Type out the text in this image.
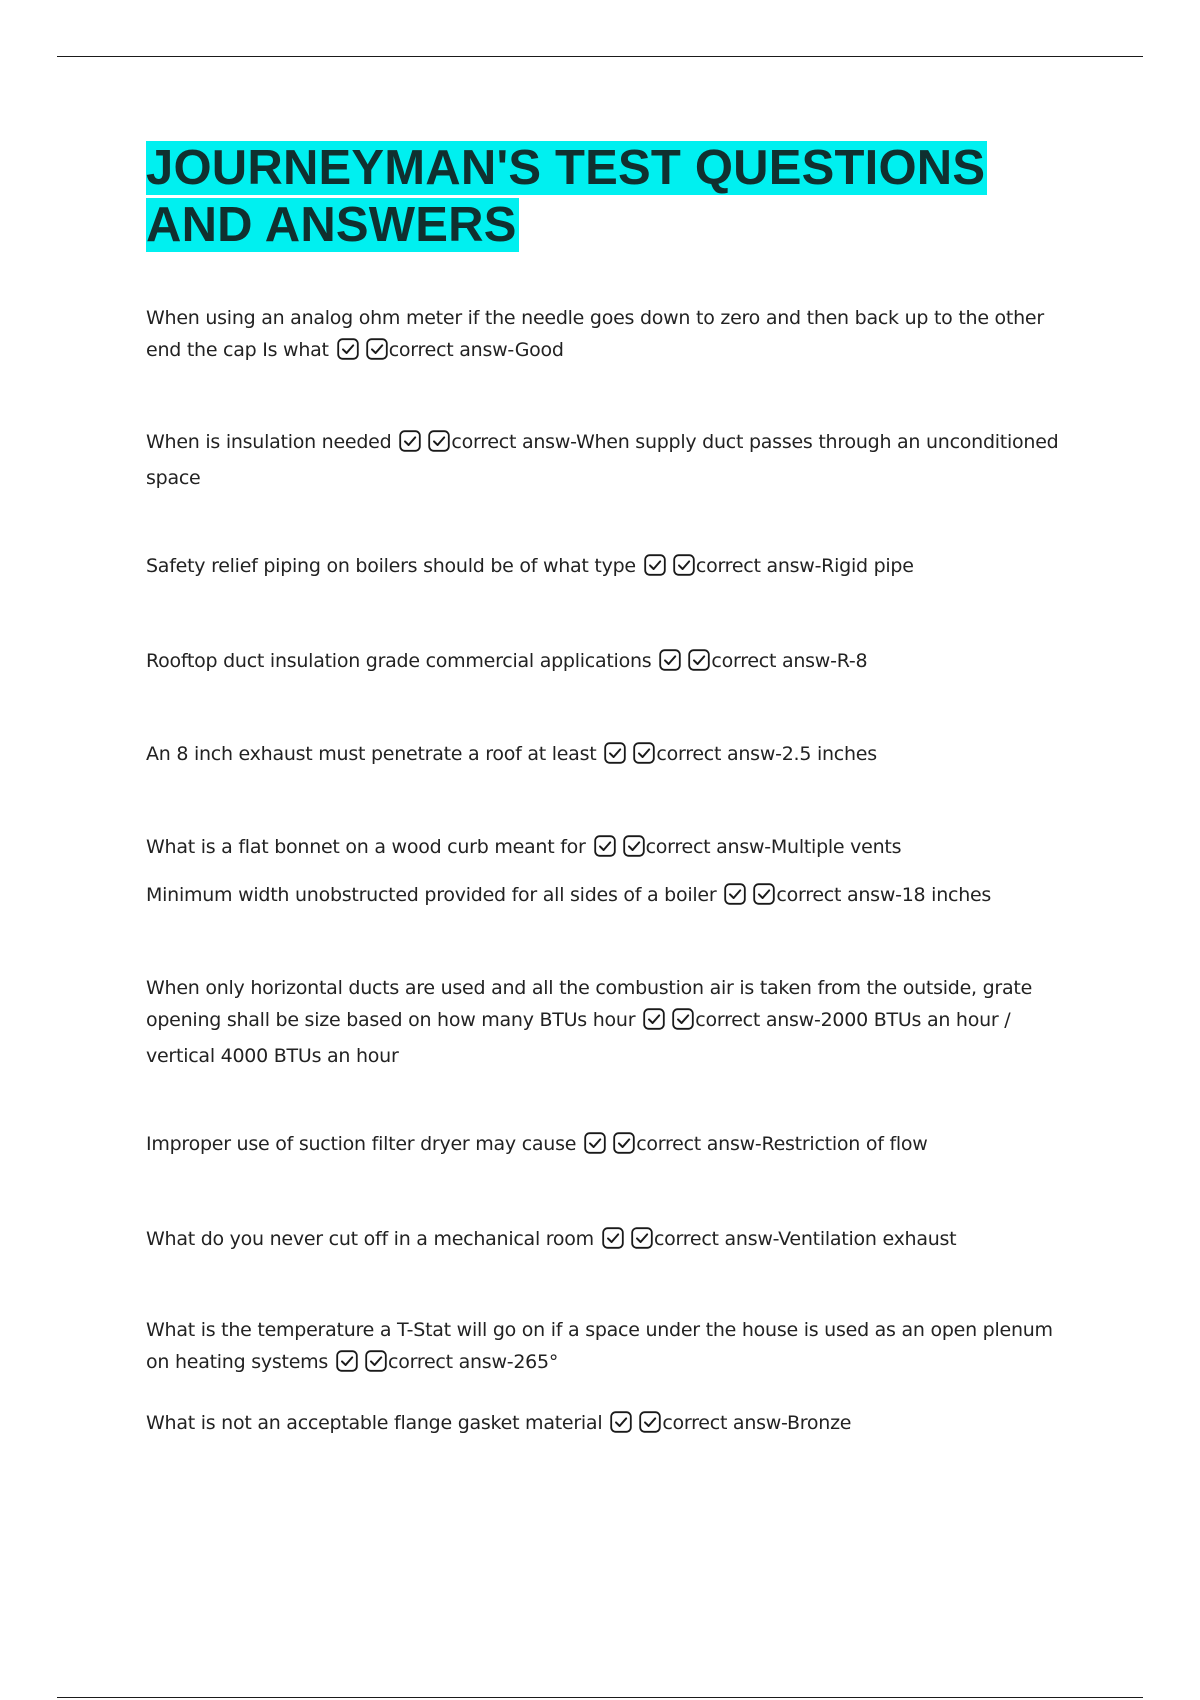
JOURNEYMAN'S TEST QUESTIONS AND ANSWERS

When using an analog ohm meter if the needle goes down to zero and then back up to the other end the cap Is what	correct answ-Good

When is insulation needed	correct answ-When supply duct passes through an unconditioned space

Safety relief piping on boilers should be of what type	correct answ-Rigid pipe

Rooftop duct insulation grade commercial applications	correct answ-R-8

An 8 inch exhaust must penetrate a roof at least	correct answ-2.5 inches

What is a flat bonnet on a wood curb meant for	correct answ-Multiple vents

Minimum width unobstructed provided for all sides of a boiler	correct answ-18 inches

When only horizontal ducts are used and all the combustion air is taken from the outside, grate opening shall be size based on how many BTUs hour	correct answ-2000 BTUs an hour / vertical 4000 BTUs an hour

Improper use of suction filter dryer may cause	correct answ-Restriction of flow

What do you never cut off in a mechanical room	correct answ-Ventilation exhaust

What is the temperature a T-Stat will go on if a space under the house is used as an open plenum on heating systems	correct answ-265°

What is not an acceptable flange gasket material	correct answ-Bronze
